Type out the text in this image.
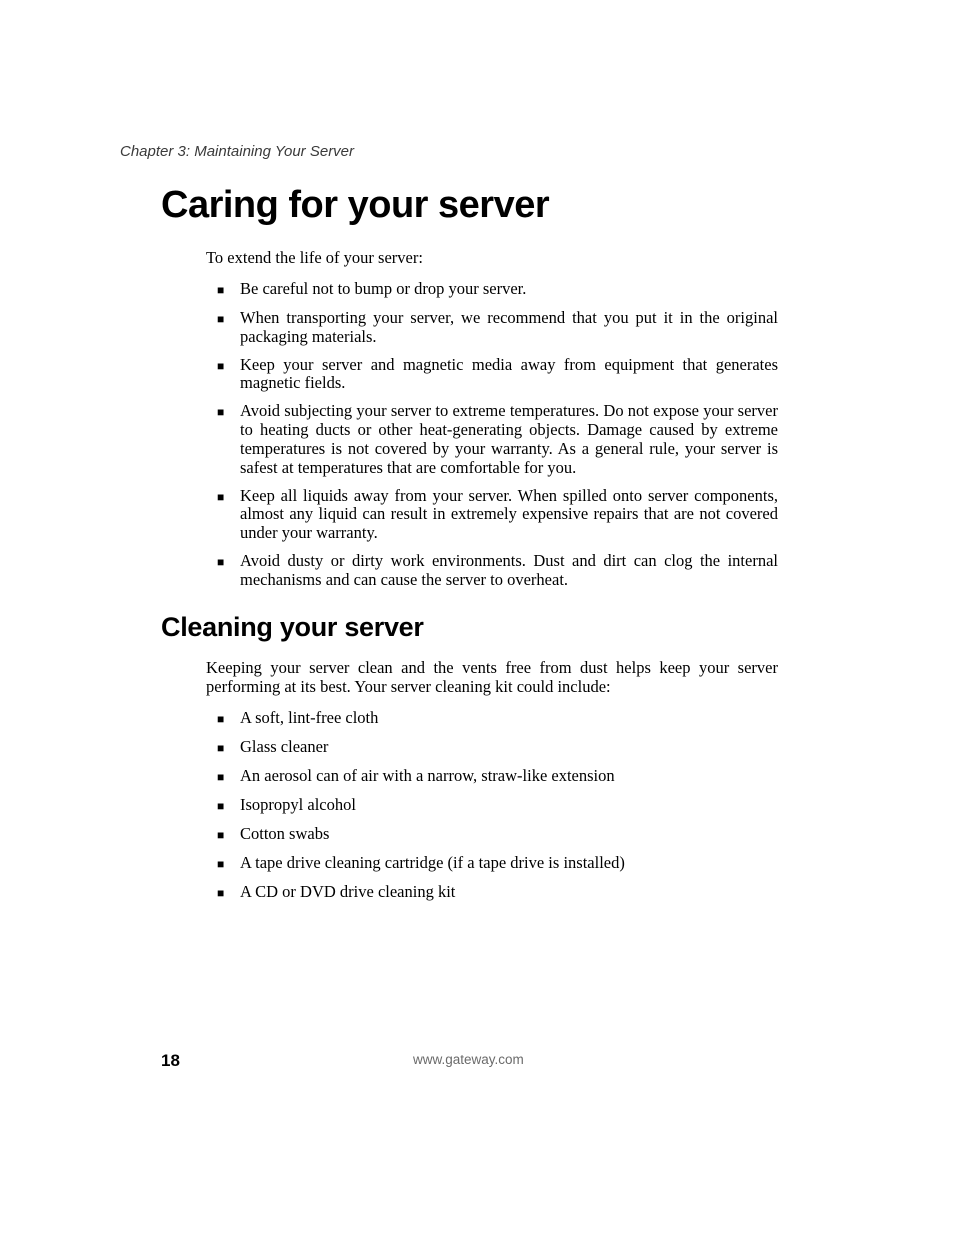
Chapter 3: Maintaining Your Server
Caring for your server

To extend the life of your server:

■ Be careful not to bump or drop your server.
■ When transporting your server, we recommend that you put it in the original packaging materials.
■ Keep your server and magnetic media away from equipment that generates magnetic fields.
■ Avoid subjecting your server to extreme temperatures. Do not expose your server to heating ducts or other heat-generating objects. Damage caused by extreme temperatures is not covered by your warranty. As a general rule, your server is safest at temperatures that are comfortable for you.
■ Keep all liquids away from your server. When spilled onto server components, almost any liquid can result in extremely expensive repairs that are not covered under your warranty.
■ Avoid dusty or dirty work environments. Dust and dirt can clog the internal mechanisms and can cause the server to overheat.
Cleaning your server

Keeping your server clean and the vents free from dust helps keep your server performing at its best. Your server cleaning kit could include:

■ A soft, lint-free cloth
■ Glass cleaner
■ An aerosol can of air with a narrow, straw-like extension
■ Isopropyl alcohol
■ Cotton swabs
■ A tape drive cleaning cartridge (if a tape drive is installed)
■ A CD or DVD drive cleaning kit
18	www.gateway.com
